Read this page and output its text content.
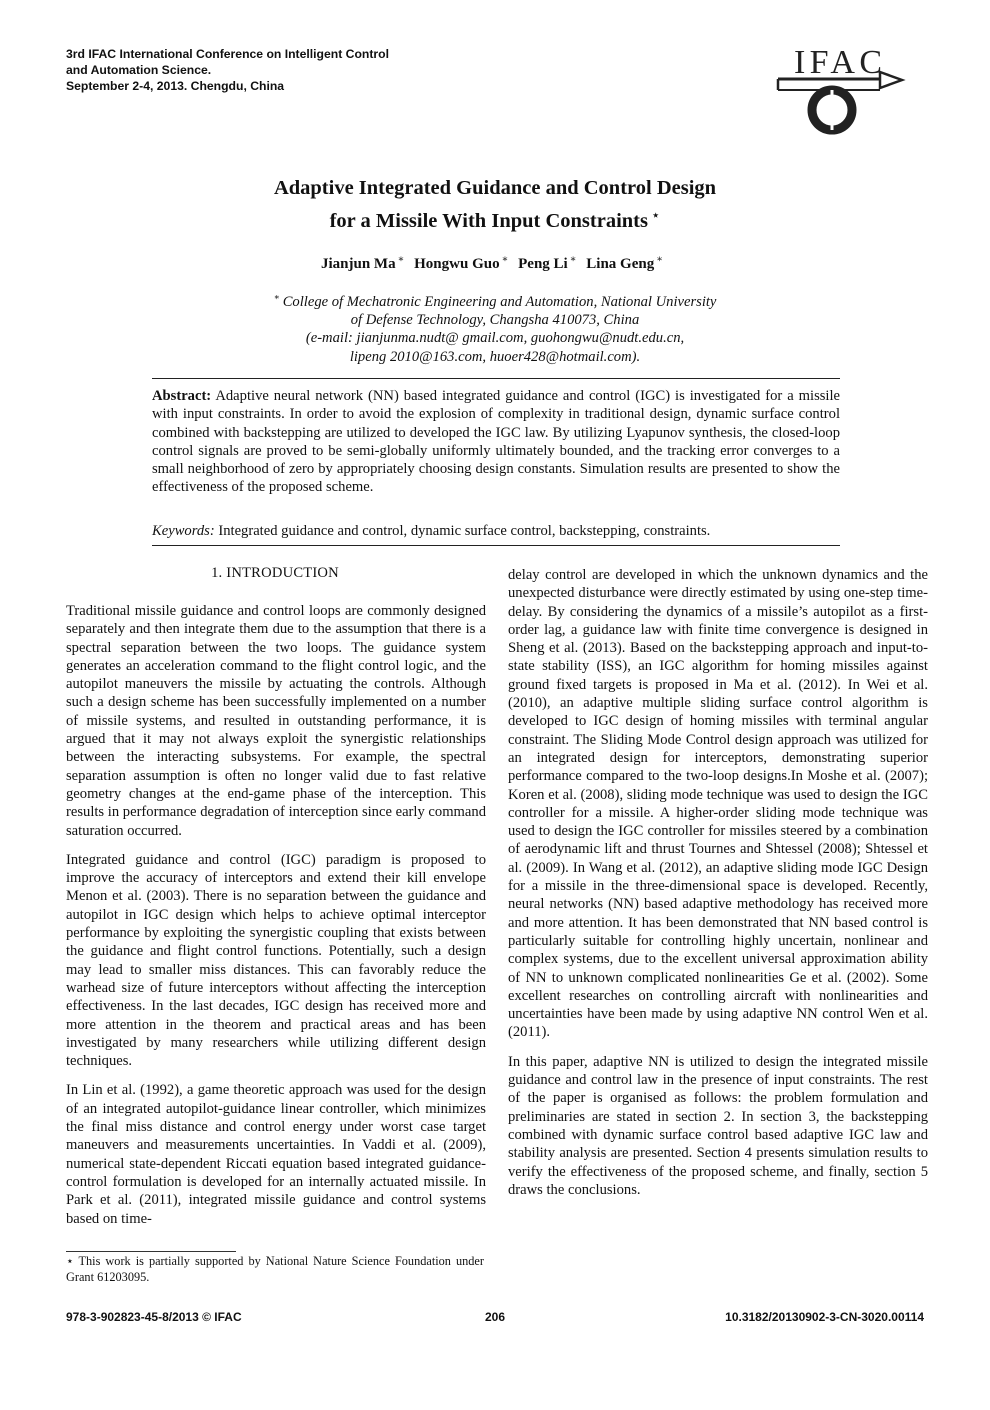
3rd IFAC International Conference on Intelligent Control
and Automation Science.
September 2-4, 2013. Chengdu, China
IFAC
Adaptive Integrated Guidance and Control Design
for a Missile With Input Constraints ⋆
Jianjun Ma ∗ Hongwu Guo ∗ Peng Li ∗ Lina Geng ∗
∗ College of Mechatronic Engineering and Automation, National University
of Defense Technology, Changsha 410073, China
(e-mail: jianjunma.nudt@ gmail.com, guohongwu@nudt.edu.cn,
lipeng 2010@163.com, huoer428@hotmail.com).
Abstract: Adaptive neural network (NN) based integrated guidance and control (IGC) is investigated for a missile with input constraints. In order to avoid the explosion of complexity in traditional design, dynamic surface control combined with backstepping are utilized to developed the IGC law. By utilizing Lyapunov synthesis, the closed-loop control signals are proved to be semi-globally uniformly ultimately bounded, and the tracking error converges to a small neighborhood of zero by appropriately choosing design constants. Simulation results are presented to show the effectiveness of the proposed scheme.
Keywords: Integrated guidance and control, dynamic surface control, backstepping, constraints.
1. INTRODUCTION

Traditional missile guidance and control loops are commonly designed separately and then integrate them due to the assumption that there is a spectral separation between the two loops. The guidance system generates an acceleration command to the flight control logic, and the autopilot maneuvers the missile by actuating the controls. Although such a design scheme has been successfully implemented on a number of missile systems, and resulted in outstanding performance, it is argued that it may not always exploit the synergistic relationships between the interacting subsystems. For example, the spectral separation assumption is often no longer valid due to fast relative geometry changes at the end-game phase of the interception. This results in performance degradation of interception since early command saturation occurred.

Integrated guidance and control (IGC) paradigm is proposed to improve the accuracy of interceptors and extend their kill envelope Menon et al. (2003). There is no separation between the guidance and autopilot in IGC design which helps to achieve optimal interceptor performance by exploiting the synergistic coupling that exists between the guidance and flight control functions. Potentially, such a design may lead to smaller miss distances. This can favorably reduce the warhead size of future interceptors without affecting the interception effectiveness. In the last decades, IGC design has received more and more attention in the theorem and practical areas and has been investigated by many researchers while utilizing different design techniques.

In Lin et al. (1992), a game theoretic approach was used for the design of an integrated autopilot-guidance linear controller, which minimizes the final miss distance and control energy under worst case target maneuvers and measurements uncertainties. In Vaddi et al. (2009), numerical state-dependent Riccati equation based integrated guidance-control formulation is developed for an internally actuated missile. In Park et al. (2011), integrated missile guidance and control systems based on time-

delay control are developed in which the unknown dynamics and the unexpected disturbance were directly estimated by using one-step time-delay. By considering the dynamics of a missile’s autopilot as a first-order lag, a guidance law with finite time convergence is designed in Sheng et al. (2013). Based on the backstepping approach and input-to-state stability (ISS), an IGC algorithm for homing missiles against ground fixed targets is proposed in Ma et al. (2012). In Wei et al. (2010), an adaptive multiple sliding surface control algorithm is developed to IGC design of homing missiles with terminal angular constraint. The Sliding Mode Control design approach was utilized for an integrated design for interceptors, demonstrating superior performance compared to the two-loop designs.In Moshe et al. (2007); Koren et al. (2008), sliding mode technique was used to design the IGC controller for a missile. A higher-order sliding mode technique was used to design the IGC controller for missiles steered by a combination of aerodynamic lift and thrust Tournes and Shtessel (2008); Shtessel et al. (2009). In Wang et al. (2012), an adaptive sliding mode IGC Design for a missile in the three-dimensional space is developed. Recently, neural networks (NN) based adaptive methodology has received more and more attention. It has been demonstrated that NN based control is particularly suitable for controlling highly uncertain, nonlinear and complex systems, due to the excellent universal approximation ability of NN to unknown complicated nonlinearities Ge et al. (2002). Some excellent researches on controlling aircraft with nonlinearities and uncertainties have been made by using adaptive NN control Wen et al. (2011).

In this paper, adaptive NN is utilized to design the integrated missile guidance and control law in the presence of input constraints. The rest of the paper is organised as follows: the problem formulation and preliminaries are stated in section 2. In section 3, the backstepping combined with dynamic surface control based adaptive IGC law and stability analysis are presented. Section 4 presents simulation results to verify the effectiveness of the proposed scheme, and finally, section 5 draws the conclusions.

⋆ This work is partially supported by National Nature Science Foundation under Grant 61203095.
978-3-902823-45-8/2013 © IFAC	206	10.3182/20130902-3-CN-3020.00114
